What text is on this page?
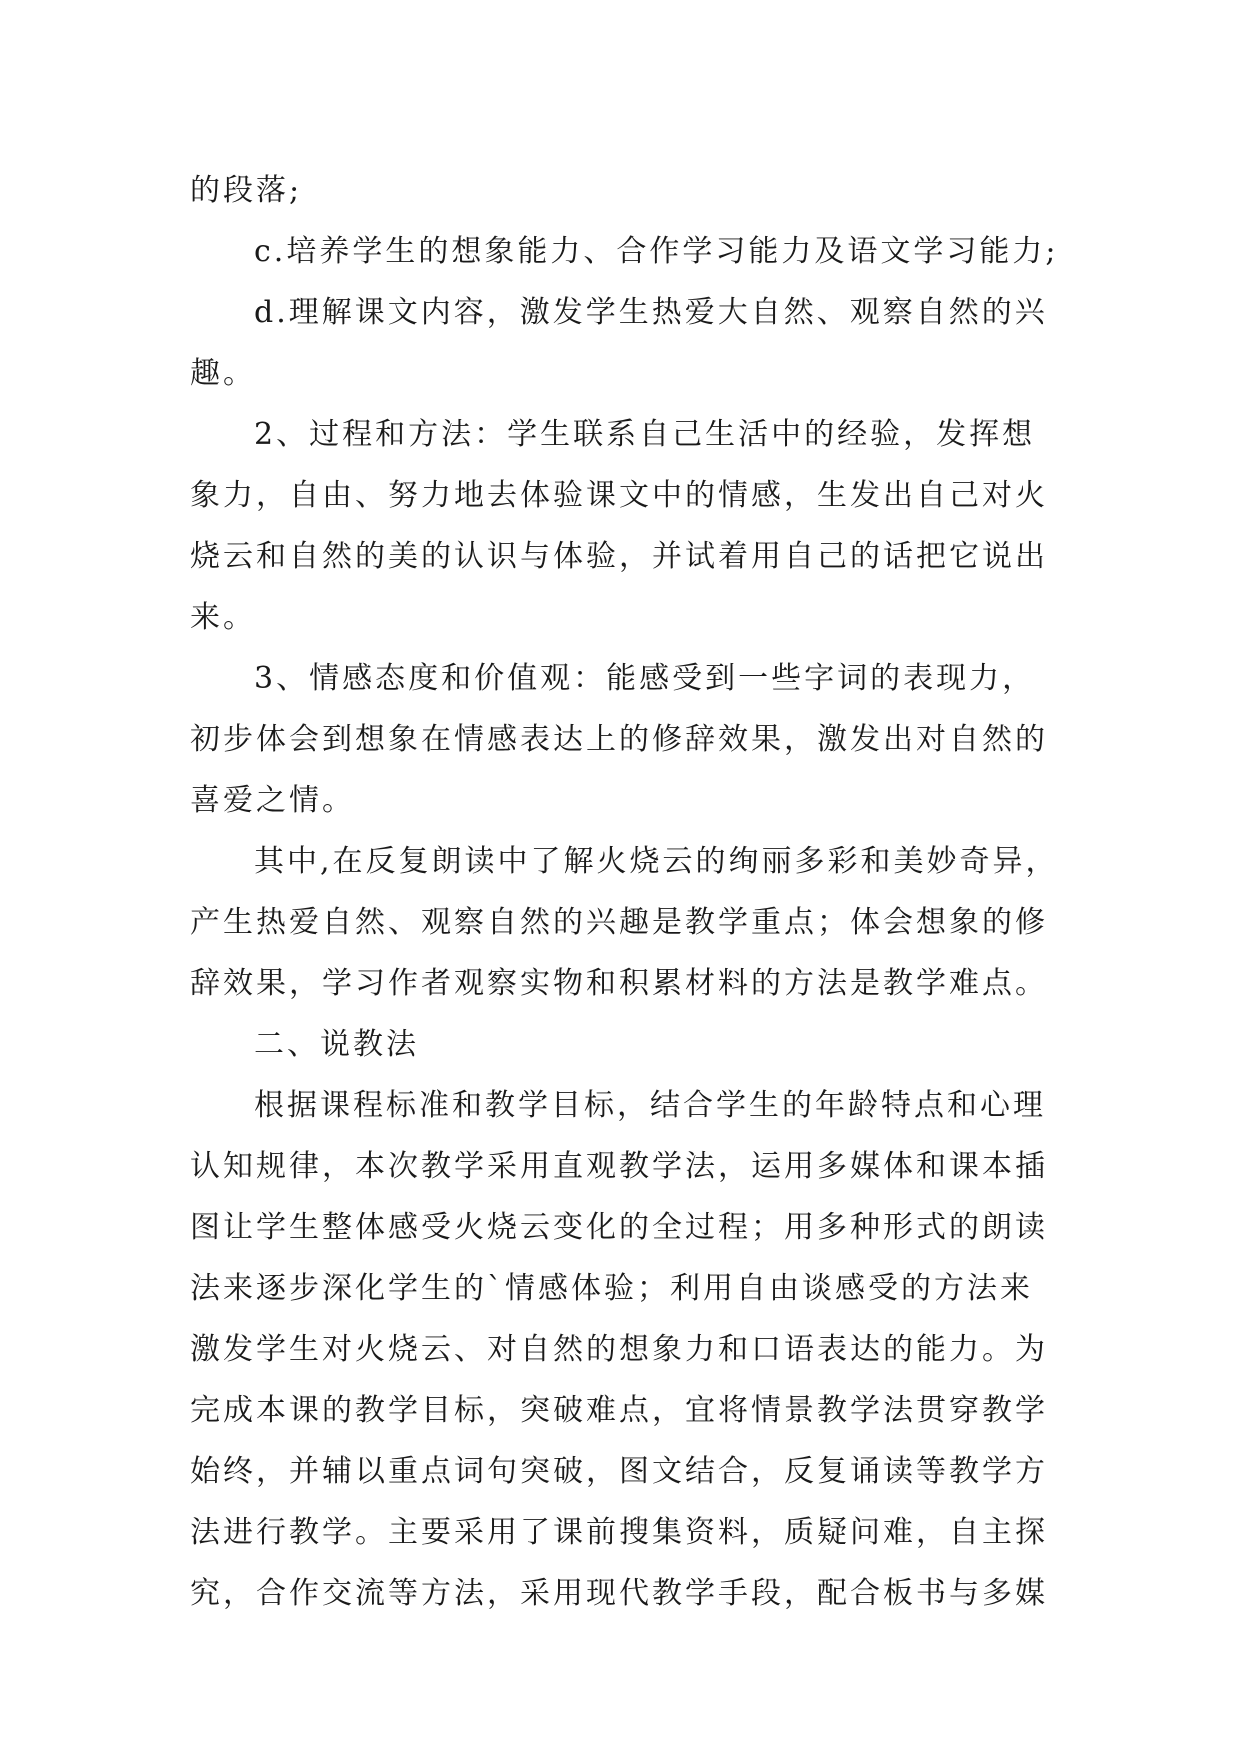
的段落;
c.培养学生的想象能力、合作学习能力及语文学习能力;
d.理解课文内容，激发学生热爱大自然、观察自然的兴
趣。
2、过程和方法：学生联系自己生活中的经验，发挥想
象力，自由、努力地去体验课文中的情感，生发出自己对火
烧云和自然的美的认识与体验，并试着用自己的话把它说出
来。
3、情感态度和价值观：能感受到一些字词的表现力，
初步体会到想象在情感表达上的修辞效果，激发出对自然的
喜爱之情。
其中,在反复朗读中了解火烧云的绚丽多彩和美妙奇异，
产生热爱自然、观察自然的兴趣是教学重点；体会想象的修
辞效果，学习作者观察实物和积累材料的方法是教学难点。
二、说教法
根据课程标准和教学目标，结合学生的年龄特点和心理
认知规律，本次教学采用直观教学法，运用多媒体和课本插
图让学生整体感受火烧云变化的全过程；用多种形式的朗读
法来逐步深化学生的`情感体验；利用自由谈感受的方法来
激发学生对火烧云、对自然的想象力和口语表达的能力。为
完成本课的教学目标，突破难点，宜将情景教学法贯穿教学
始终，并辅以重点词句突破，图文结合，反复诵读等教学方
法进行教学。主要采用了课前搜集资料，质疑问难，自主探
究，合作交流等方法，采用现代教学手段，配合板书与多媒
